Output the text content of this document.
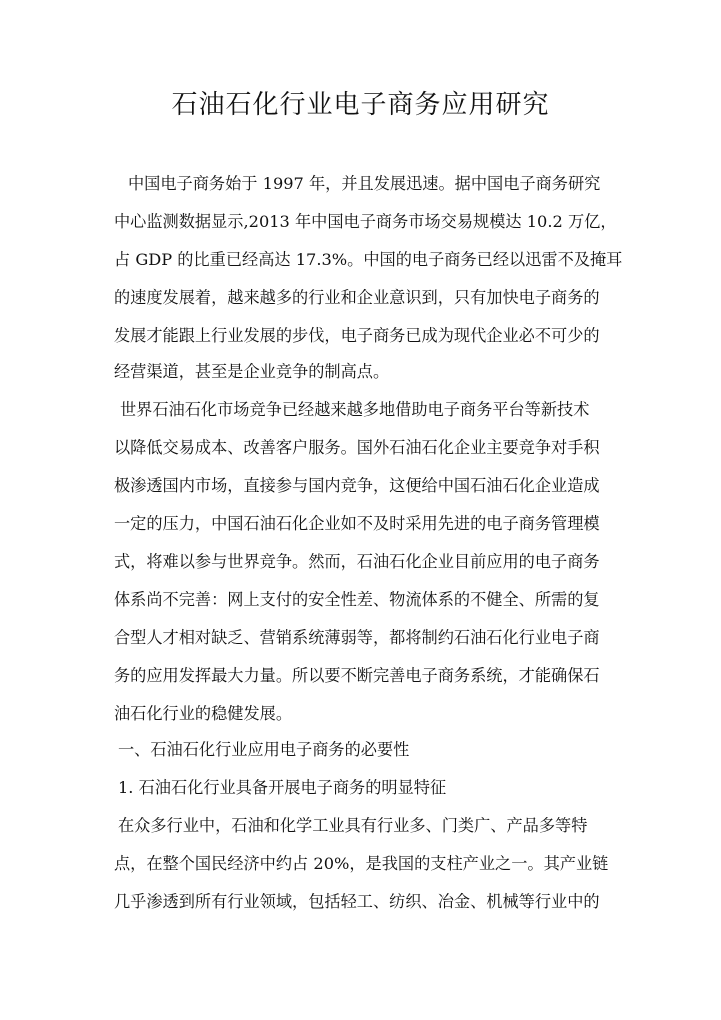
石油石化行业电子商务应用研究

中国电子商务始于 1997 年，并且发展迅速。据中国电子商务研究

中心监测数据显示,2013 年中国电子商务市场交易规模达 10.2 万亿，

占 GDP 的比重已经高达 17.3%。中国的电子商务已经以迅雷不及掩耳

的速度发展着，越来越多的行业和企业意识到，只有加快电子商务的

发展才能跟上行业发展的步伐，电子商务已成为现代企业必不可少的

经营渠道，甚至是企业竞争的制高点。

世界石油石化市场竞争已经越来越多地借助电子商务平台等新技术

以降低交易成本、改善客户服务。国外石油石化企业主要竞争对手积

极渗透国内市场，直接参与国内竞争，这便给中国石油石化企业造成

一定的压力，中国石油石化企业如不及时采用先进的电子商务管理模

式，将难以参与世界竞争。然而，石油石化企业目前应用的电子商务

体系尚不完善：网上支付的安全性差、物流体系的不健全、所需的复

合型人才相对缺乏、营销系统薄弱等，都将制约石油石化行业电子商

务的应用发挥最大力量。所以要不断完善电子商务系统，才能确保石

油石化行业的稳健发展。

一、石油石化行业应用电子商务的必要性

1. 石油石化行业具备开展电子商务的明显特征

在众多行业中，石油和化学工业具有行业多、门类广、产品多等特

点，在整个国民经济中约占 20%，是我国的支柱产业之一。其产业链

几乎渗透到所有行业领域，包括轻工、纺织、冶金、机械等行业中的
